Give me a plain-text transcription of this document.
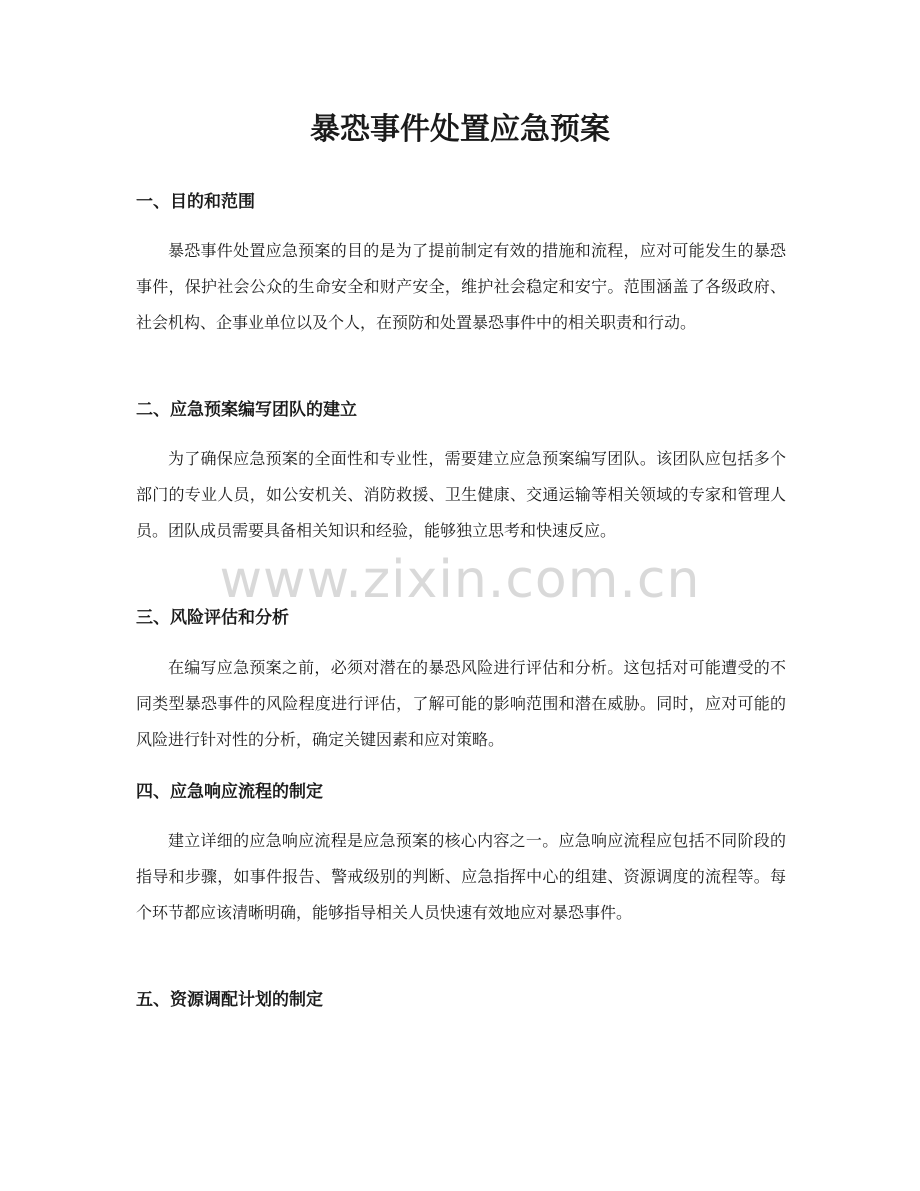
暴恐事件处置应急预案
一、目的和范围

暴恐事件处置应急预案的目的是为了提前制定有效的措施和流程，应对可能发生的暴恐事件，保护社会公众的生命安全和财产安全，维护社会稳定和安宁。范围涵盖了各级政府、社会机构、企事业单位以及个人，在预防和处置暴恐事件中的相关职责和行动。

二、应急预案编写团队的建立

为了确保应急预案的全面性和专业性，需要建立应急预案编写团队。该团队应包括多个部门的专业人员，如公安机关、消防救援、卫生健康、交通运输等相关领域的专家和管理人员。团队成员需要具备相关知识和经验，能够独立思考和快速反应。

三、风险评估和分析

在编写应急预案之前，必须对潜在的暴恐风险进行评估和分析。这包括对可能遭受的不同类型暴恐事件的风险程度进行评估，了解可能的影响范围和潜在威胁。同时，应对可能的风险进行针对性的分析，确定关键因素和应对策略。

四、应急响应流程的制定

建立详细的应急响应流程是应急预案的核心内容之一。应急响应流程应包括不同阶段的指导和步骤，如事件报告、警戒级别的判断、应急指挥中心的组建、资源调度的流程等。每个环节都应该清晰明确，能够指导相关人员快速有效地应对暴恐事件。

五、资源调配计划的制定
www.zixin.com.cn
